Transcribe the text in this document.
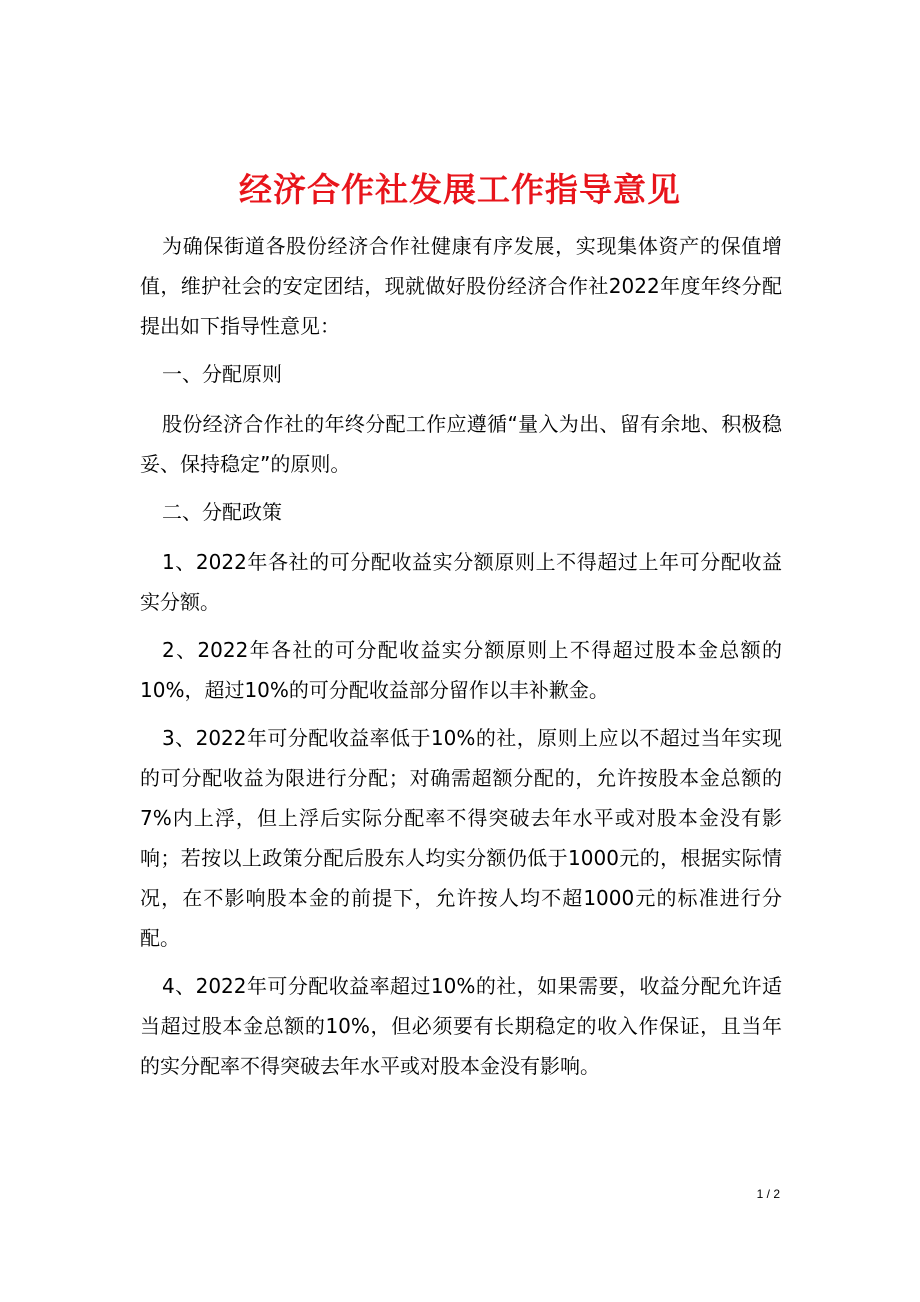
经济合作社发展工作指导意见

为确保街道各股份经济合作社健康有序发展，实现集体资产的保值增值，维护社会的安定团结，现就做好股份经济合作社2022年度年终分配提出如下指导性意见：

一、分配原则

股份经济合作社的年终分配工作应遵循“量入为出、留有余地、积极稳妥、保持稳定”的原则。

二、分配政策

1、2022年各社的可分配收益实分额原则上不得超过上年可分配收益实分额。

2、2022年各社的可分配收益实分额原则上不得超过股本金总额的10%，超过10%的可分配收益部分留作以丰补歉金。

3、2022年可分配收益率低于10%的社，原则上应以不超过当年实现的可分配收益为限进行分配；对确需超额分配的，允许按股本金总额的7%内上浮，但上浮后实际分配率不得突破去年水平或对股本金没有影响；若按以上政策分配后股东人均实分额仍低于1000元的，根据实际情况，在不影响股本金的前提下，允许按人均不超1000元的标准进行分配。

4、2022年可分配收益率超过10%的社，如果需要，收益分配允许适当超过股本金总额的10%，但必须要有长期稳定的收入作保证，且当年的实分配率不得突破去年水平或对股本金没有影响。

1 / 2
